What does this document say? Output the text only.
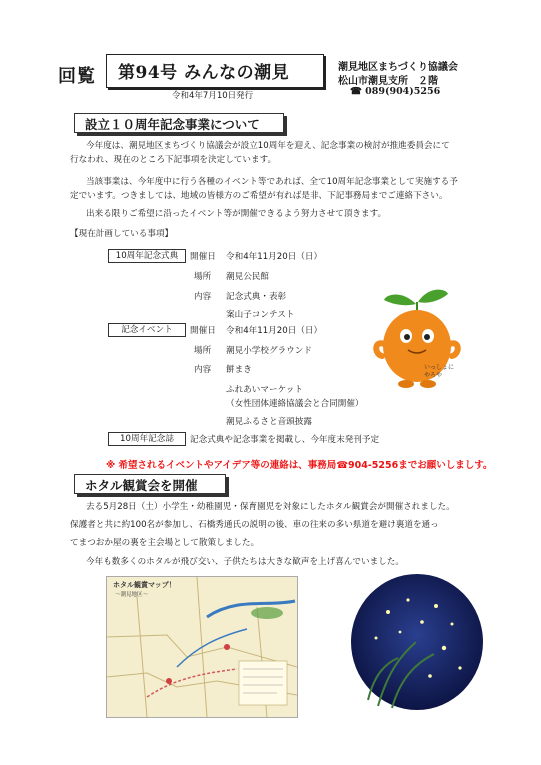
回覧 第94号 みんなの潮見
令和4年7月10日発行
潮見地区まちづくり協議会
松山市潮見支所　２階
☎ 089(904)5256
設立１０周年記念事業について
今年度は、潮見地区まちづくり協議会が設立10周年を迎え、記念事業の検討が推進委員会にて
行なわれ、現在のところ下記事項を決定しています。
当該事業は、今年度中に行う各種のイベント等であれば、全て10周年記念事業として実施する予
定でいます。つきましては、地域の皆様方のご希望が有れば是非、下記事務局までご連絡下さい。
出来る限りご希望に沿ったイベント等が開催できるよう努力させて頂きます。
【現在計画している事項】
10周年記念式典	開催日 令和4年11月20日（日）
場所 潮見公民館
内容 記念式典・表彰
案山子コンテスト
記念イベント	開催日 令和4年11月20日（日）
場所 潮見小学校グラウンド
内容 餅まき
ふれあいマーケット
（女性団体連絡協議会と合同開催）
潮見ふるさと音頭披露
10周年記念誌	記念式典や記念事業を掲載し、今年度末発刊予定
※ 希望されるイベントやアイデア等の連絡は、事務局☎904-5256までお願いしましす。
いっしょに
やろや
ホタル観賞会を開催
去る5月28日（土）小学生・幼稚園児・保育園児を対象にしたホタル観賞会が開催されました。
保護者と共に約100名が参加し、石橋秀通氏の説明の後、車の往来の多い県道を避け裏道を通っ
てまつおか屋の裏を主会場として散策しました。
今年も数多くのホタルが飛び交い、子供たちは大きな歓声を上げ喜んでいました。
ホタル観賞マップ！
～潮見地区～
